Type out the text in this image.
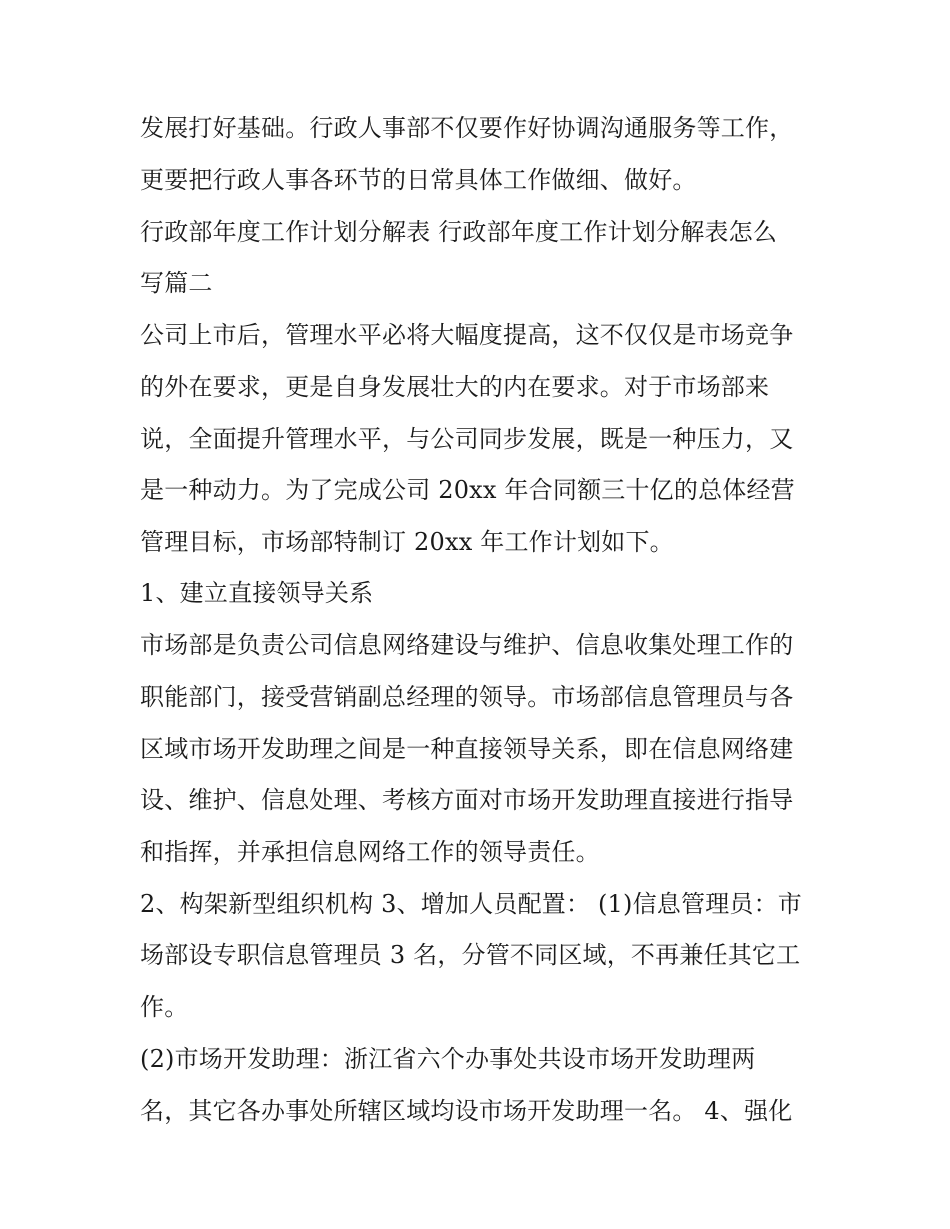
发展打好基础。行政人事部不仅要作好协调沟通服务等工作，
更要把行政人事各环节的日常具体工作做细、做好。
行政部年度工作计划分解表 行政部年度工作计划分解表怎么
写篇二
公司上市后，管理水平必将大幅度提高，这不仅仅是市场竞争
的外在要求，更是自身发展壮大的内在要求。对于市场部来
说，全面提升管理水平，与公司同步发展，既是一种压力，又
是一种动力。为了完成公司 20xx 年合同额三十亿的总体经营
管理目标，市场部特制订 20xx 年工作计划如下。
1、建立直接领导关系
市场部是负责公司信息网络建设与维护、信息收集处理工作的
职能部门，接受营销副总经理的领导。市场部信息管理员与各
区域市场开发助理之间是一种直接领导关系，即在信息网络建
设、维护、信息处理、考核方面对市场开发助理直接进行指导
和指挥，并承担信息网络工作的领导责任。
2、构架新型组织机构 3、增加人员配置： (1)信息管理员：市
场部设专职信息管理员 3 名，分管不同区域，不再兼任其它工
作。
(2)市场开发助理：浙江省六个办事处共设市场开发助理两
名，其它各办事处所辖区域均设市场开发助理一名。 4、强化
